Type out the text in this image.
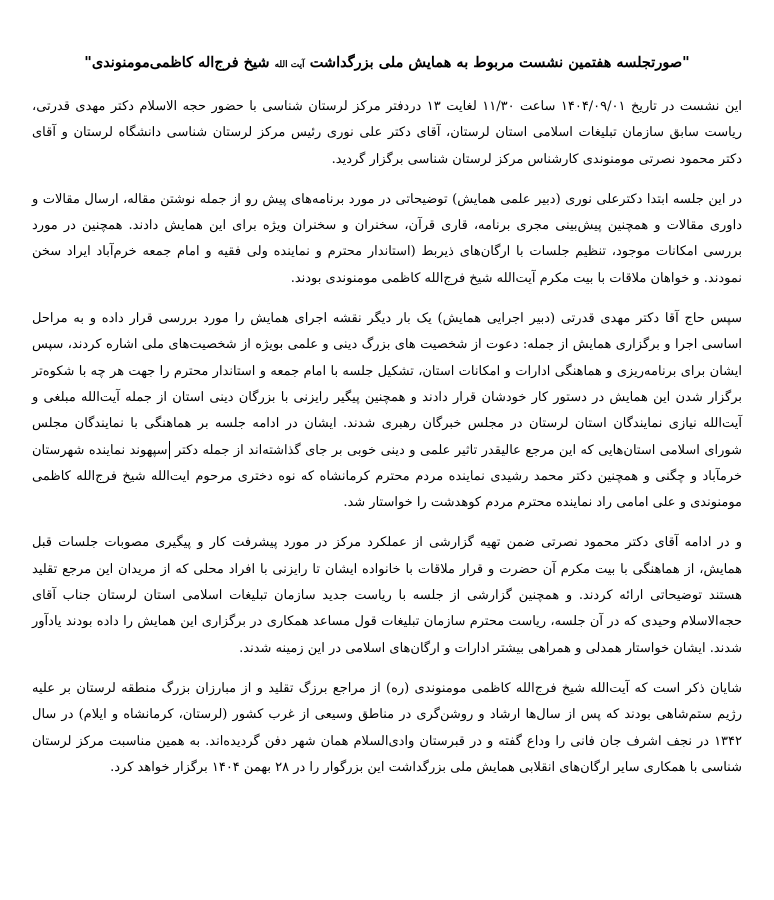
"صورتجلسه هفتمین نشست مربوط به همایش ملی بزرگداشت آیت الله شیخ فرج‌اله کاظمی‌مومنوندی"

این نشست در تاریخ ۱۴۰۴/۰۹/۰۱ ساعت ۱۱/۳۰ لغایت ۱۳ دردفتر مرکز لرستان شناسی با حضور حجه الاسلام دکتر مهدی قدرتی، ریاست سابق سازمان تبلیغات اسلامی استان لرستان، آقای دکتر علی نوری رئیس مرکز لرستان شناسی دانشگاه لرستان و آقای دکتر محمود نصرتی مومنوندی کارشناس مرکز لرستان شناسی برگزار گردید.

در این جلسه ابتدا دکترعلی نوری (دبیر علمی همایش) توضیحاتی در مورد برنامه‌های پیش رو از جمله نوشتن مقاله، ارسال مقالات و داوری مقالات و همچنین پیش‌بینی مجری برنامه، قاری قرآن، سخنران و سخنران ویژه برای این همایش دادند. همچنین در مورد بررسی امکانات موجود، تنظیم جلسات با ارگان‌های ذیربط (استاندار محترم و نماینده ولی فقیه و امام جمعه خرم‌آباد ایراد سخن نمودند. و خواهان ملاقات با بیت مکرم آیت‌الله شیخ فرج‌الله کاظمی مومنوندی بودند.

سپس حاج آقا دکتر مهدی قدرتی (دبیر اجرایی همایش) یک بار دیگر نقشه اجرای همایش را مورد بررسی قرار داده و به مراحل اساسی اجرا و برگزاری همایش از جمله: دعوت از شخصیت های بزرگ دینی و علمی بویژه از شخصیت‌های ملی اشاره کردند، سپس ایشان برای برنامه‌ریزی و هماهنگی ادارات و امکانات استان، تشکیل جلسه با امام جمعه و استاندار محترم را جهت هر چه با شکوه‌تر برگزار شدن این همایش در دستور کار خودشان قرار دادند و همچنین پیگیر رایزنی با بزرگان دینی استان از جمله آیت‌الله مبلغی و آیت‌الله نیازی نمایندگان استان لرستان در مجلس خبرگان رهبری شدند. ایشان در ادامه جلسه بر هماهنگی با نمایندگان مجلس شورای اسلامی استان‌هایی که این مرجع عالیقدر تاثیر علمی و دینی خوبی بر جای گذاشته‌اند از جمله دکتر سپهوند نماینده شهرستان خرمآباد و چگنی و همچنین دکتر محمد رشیدی نماینده مردم محترم کرمانشاه که نوه دختری مرحوم ایت‌الله شیخ فرج‌الله کاظمی مومنوندی و علی امامی راد نماینده محترم مردم کوهدشت را خواستار شد.

و در ادامه آقای دکتر محمود نصرتی ضمن تهیه گزارشی از عملکرد مرکز در مورد پیشرفت کار و پیگیری مصوبات جلسات قبل همایش، از هماهنگی با بیت مکرم آن حضرت و قرار ملاقات با خانواده ایشان تا رایزنی با افراد محلی که از مریدان این مرجع تقلید هستند توضیحاتی ارائه کردند. و همچنین گزارشی از جلسه با ریاست جدید سازمان تبلیغات اسلامی استان لرستان جناب آقای حجه‌الاسلام وحیدی که در آن جلسه، ریاست محترم سازمان تبلیغات قول مساعد همکاری در برگزاری این همایش را داده بودند یادآور شدند. ایشان خواستار همدلی و همراهی بیشتر ادارات و ارگان‌های اسلامی در این زمینه شدند.

شایان ذکر است که آیت‌الله شیخ فرج‌الله کاظمی مومنوندی (ره) از مراجع برزگ تقلید و از مبارزان بزرگ منطقه لرستان بر علیه رژیم ستم‌شاهی بودند که پس از سال‌ها ارشاد و روشن‌گری در مناطق وسیعی از غرب کشور (لرستان، کرمانشاه و ایلام) در سال ۱۳۴۲ در نجف اشرف جان فانی را وداع گفته و در قبرستان وادی‌السلام همان شهر دفن گردیده‌اند. به همین مناسبت مرکز لرستان شناسی با همکاری سایر ارگان‌های انقلابی همایش ملی بزرگداشت این بزرگوار را در ۲۸ بهمن ۱۴۰۴ برگزار خواهد کرد.
